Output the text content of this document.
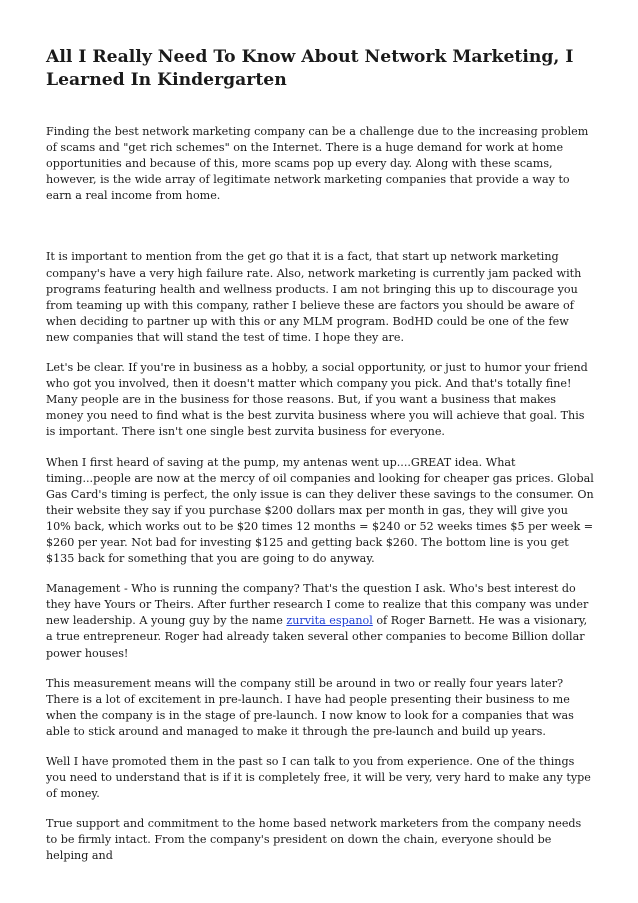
All I Really Need To Know About Network Marketing, I Learned In Kindergarten

Finding the best network marketing company can be a challenge due to the increasing problem of scams and "get rich schemes" on the Internet. There is a huge demand for work at home opportunities and because of this, more scams pop up every day. Along with these scams, however, is the wide array of legitimate network marketing companies that provide a way to earn a real income from home.

It is important to mention from the get go that it is a fact, that start up network marketing company's have a very high failure rate. Also, network marketing is currently jam packed with programs featuring health and wellness products. I am not bringing this up to discourage you from teaming up with this company, rather I believe these are factors you should be aware of when deciding to partner up with this or any MLM program. BodHD could be one of the few new companies that will stand the test of time. I hope they are.

Let's be clear. If you're in business as a hobby, a social opportunity, or just to humor your friend who got you involved, then it doesn't matter which company you pick. And that's totally fine! Many people are in the business for those reasons. But, if you want a business that makes money you need to find what is the best zurvita business where you will achieve that goal. This is important. There isn't one single best zurvita business for everyone.

When I first heard of saving at the pump, my antenas went up....GREAT idea. What timing...people are now at the mercy of oil companies and looking for cheaper gas prices. Global Gas Card's timing is perfect, the only issue is can they deliver these savings to the consumer. On their website they say if you purchase $200 dollars max per month in gas, they will give you 10% back, which works out to be $20 times 12 months = $240 or 52 weeks times $5 per week = $260 per year. Not bad for investing $125 and getting back $260. The bottom line is you get $135 back for something that you are going to do anyway.

Management - Who is running the company? That's the question I ask. Who's best interest do they have Yours or Theirs. After further research I come to realize that this company was under new leadership. A young guy by the name zurvita espanol of Roger Barnett. He was a visionary, a true entrepreneur. Roger had already taken several other companies to become Billion dollar power houses!

This measurement means will the company still be around in two or really four years later? There is a lot of excitement in pre-launch. I have had people presenting their business to me when the company is in the stage of pre-launch. I now know to look for a companies that was able to stick around and managed to make it through the pre-launch and build up years.

Well I have promoted them in the past so I can talk to you from experience. One of the things you need to understand that is if it is completely free, it will be very, very hard to make any type of money.

True support and commitment to the home based network marketers from the company needs to be firmly intact. From the company's president on down the chain, everyone should be helping and
